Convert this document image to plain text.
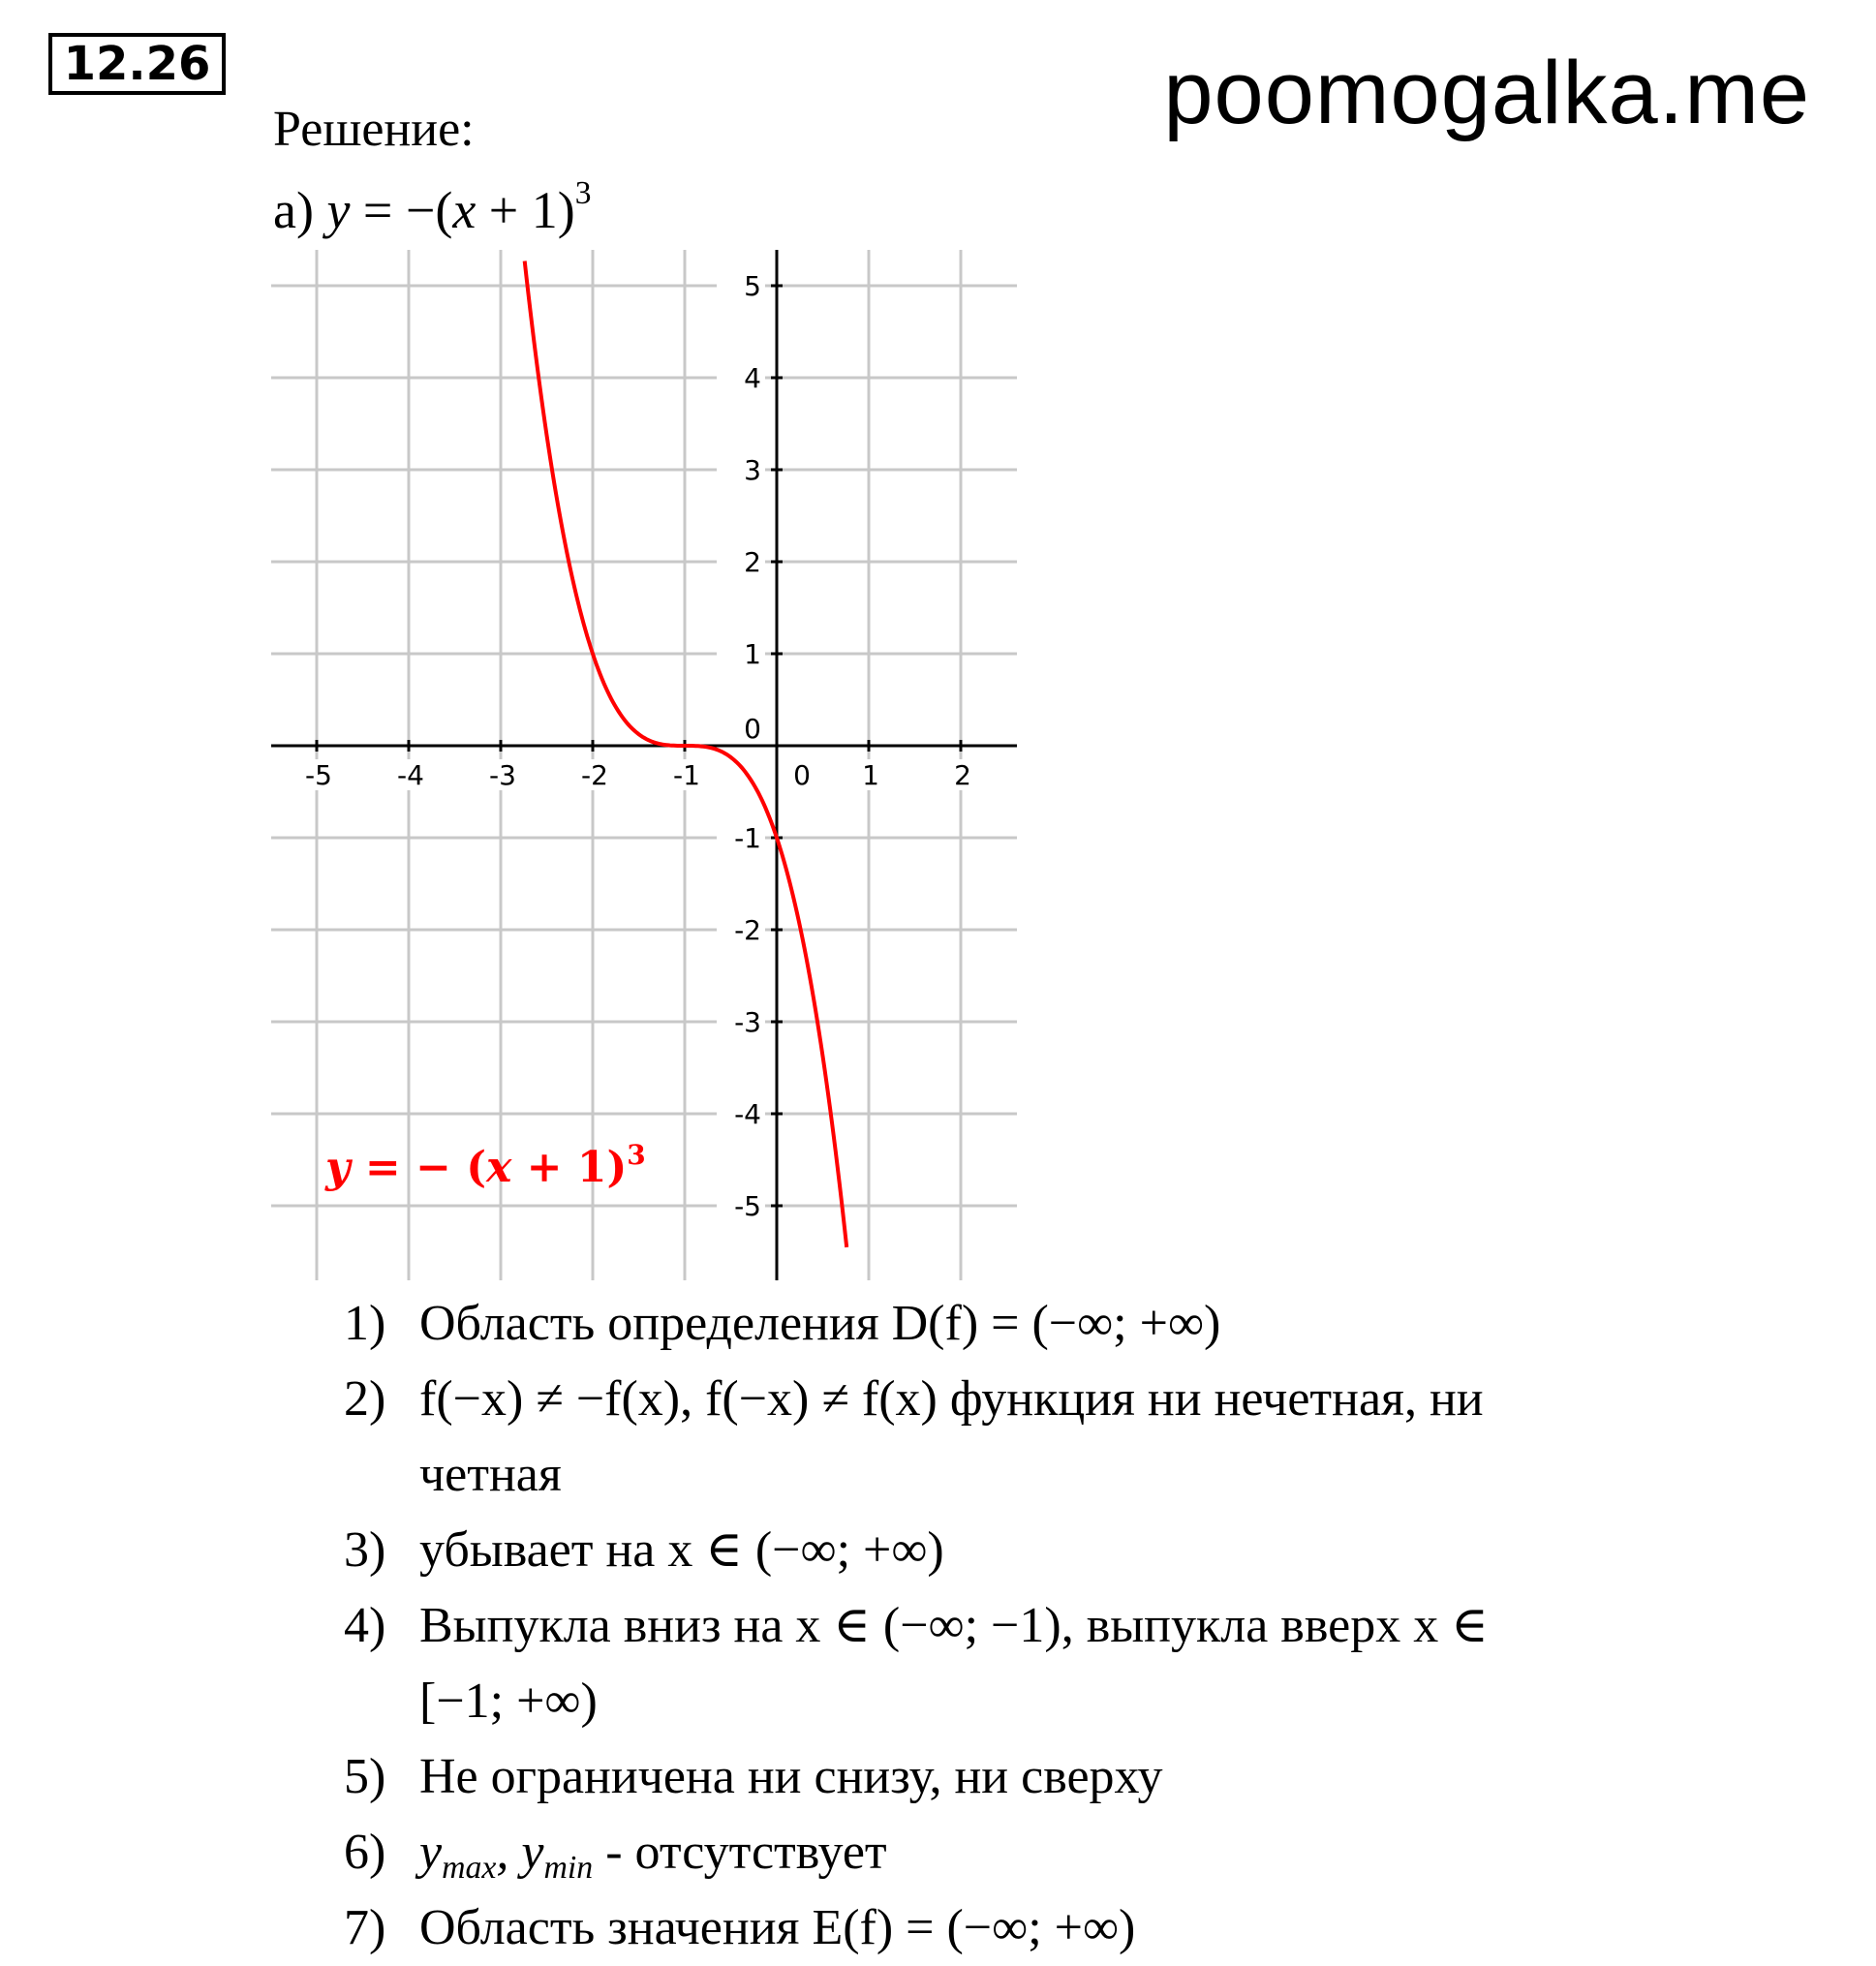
12.26	poomogalka.me
Решение:
а) $y = -(x + 1)^3$
-5 -4 -3 -2 -1	0 1	2
5
4
3
2
1
0
-1
-2
-3
-4
-5
y = − $(x + 1)^3$
1) Область определения D(f) = (−∞; +∞)
2) f(−x) ≠ −f(x), f(−x) ≠ f(x) функция ни нечетная, ни
четная
3) убывает на x ∈ (−∞; +∞)
4) Выпукла вниз на x ∈ (−∞; −1), выпукла вверх x ∈
[−1; +∞)
5) Не ограничена ни снизу, ни сверху
6) $y_{max}$, $y_{min}$ - отсутствует
7) Область значения E(f) = (−∞; +∞)
